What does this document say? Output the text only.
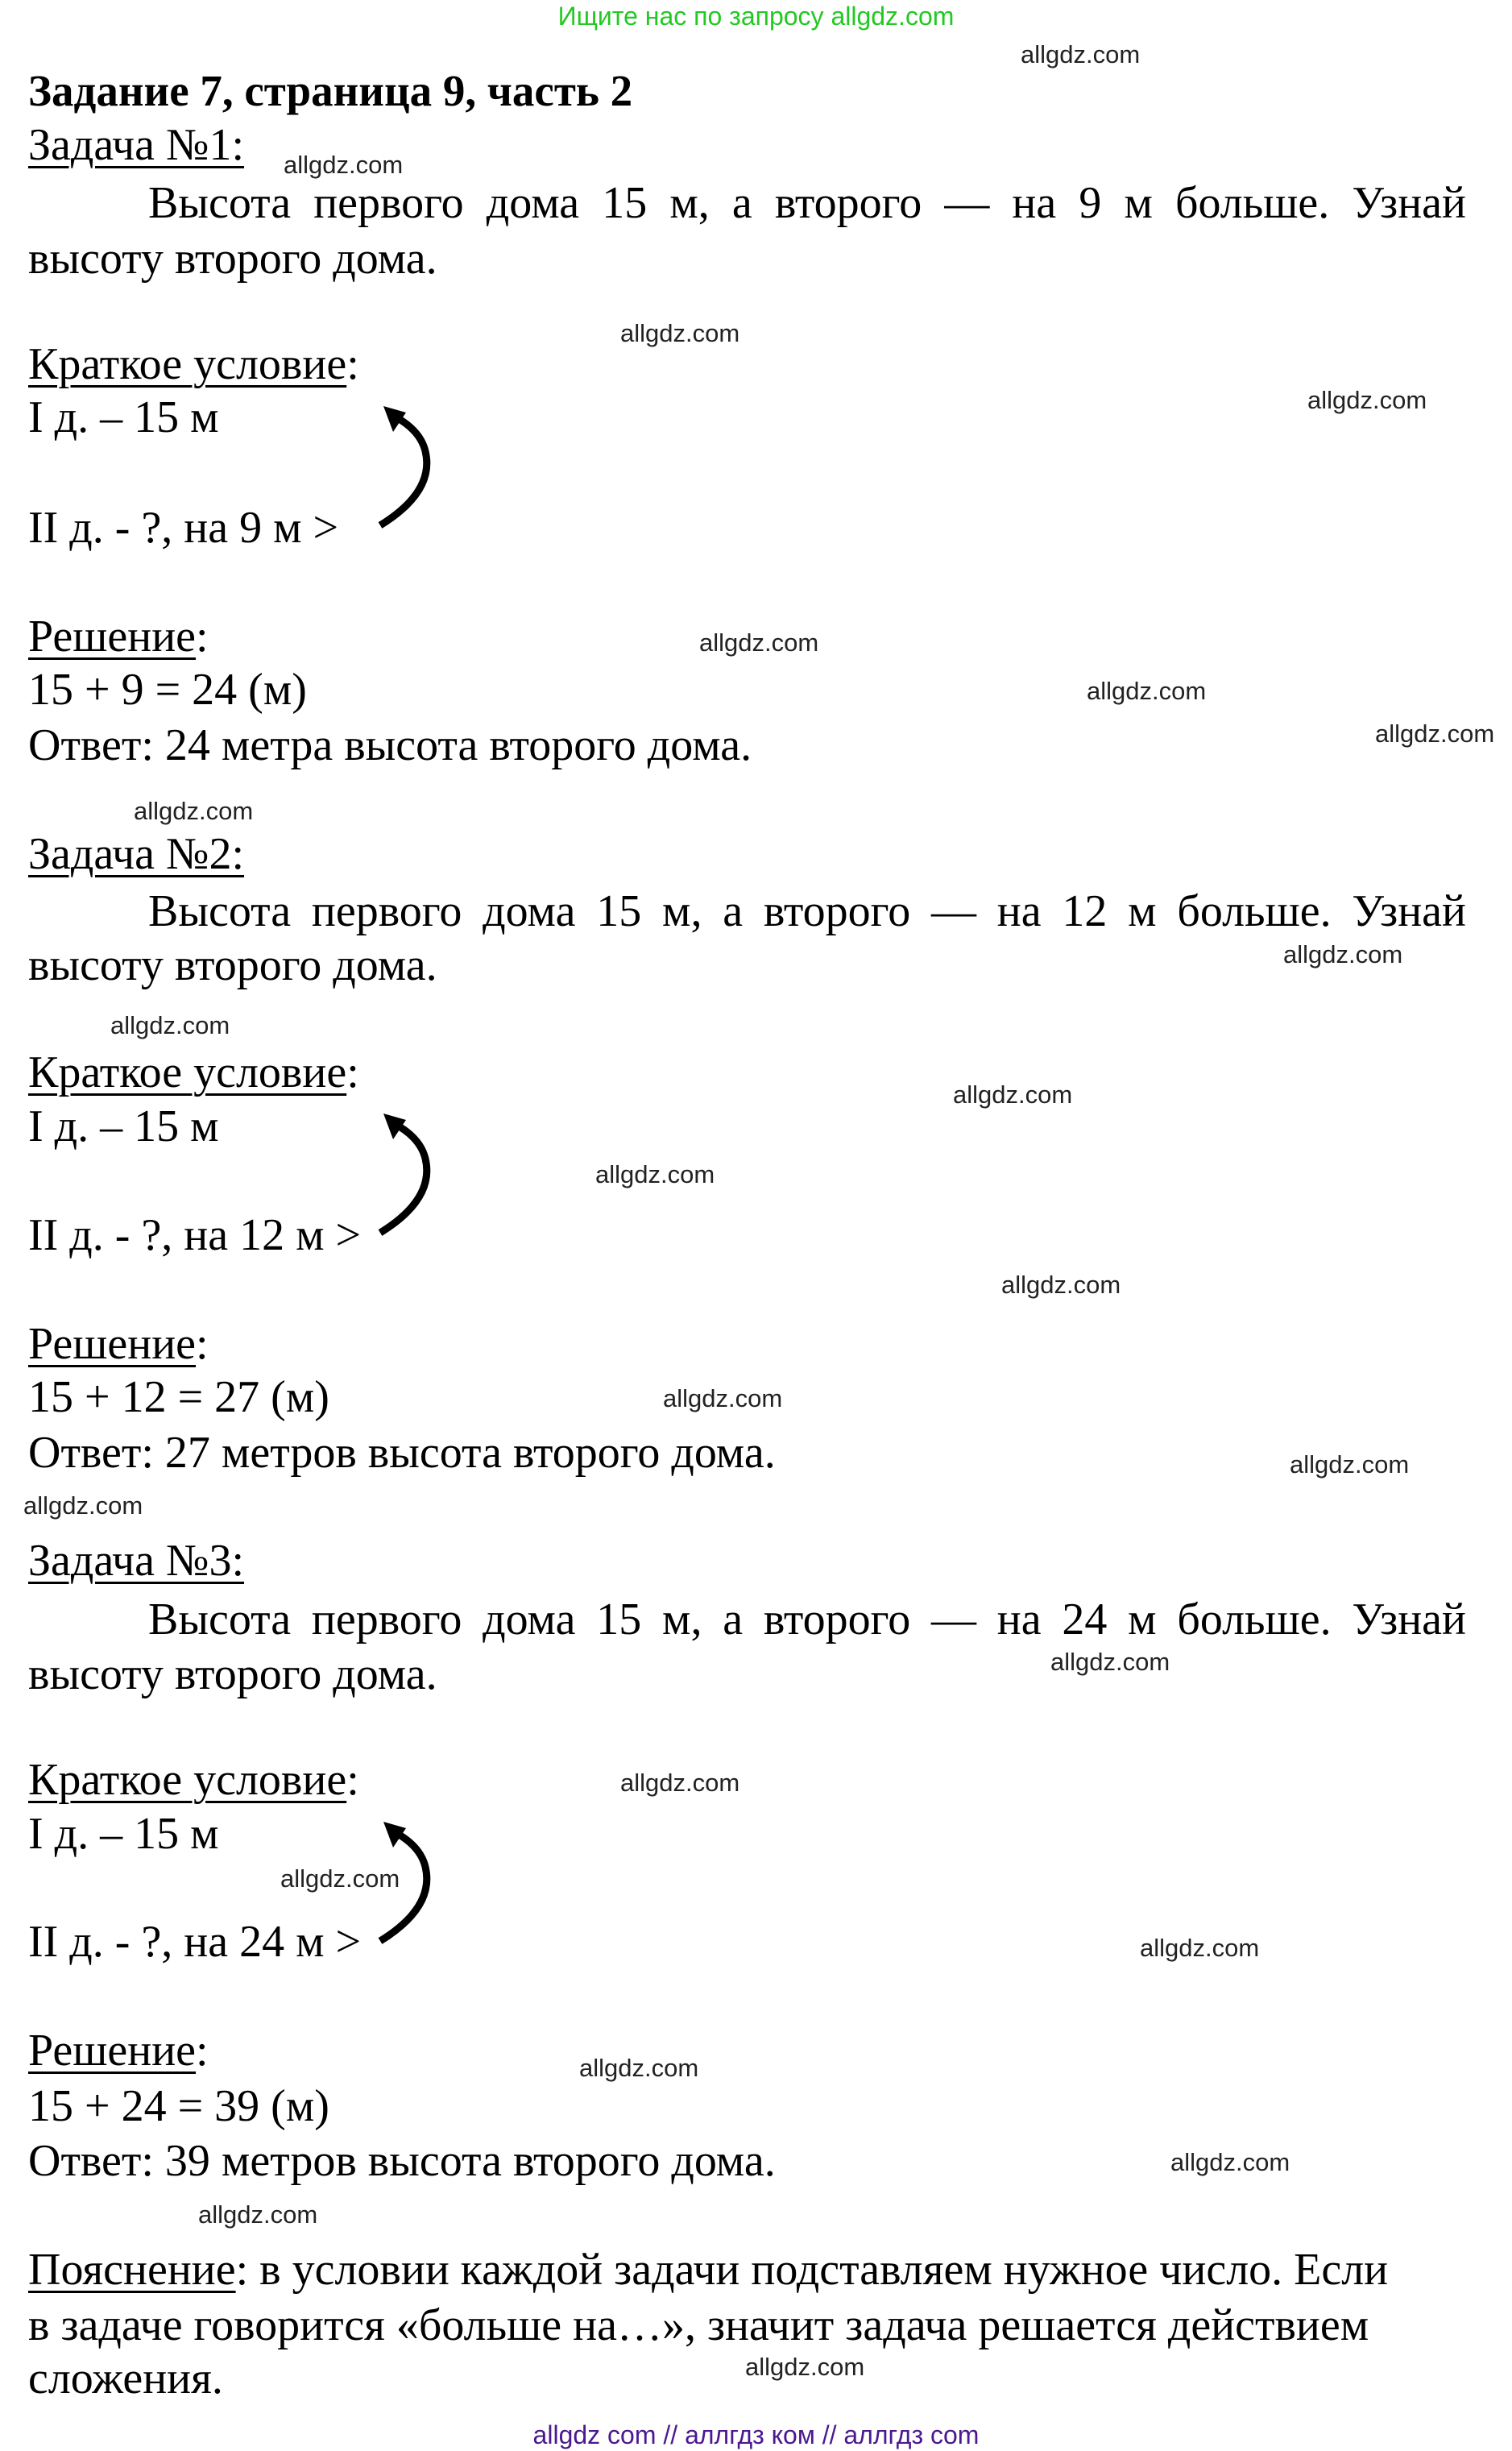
Ищите нас по запросу allgdz.com
Задание 7, страница 9, часть 2
Задача №1:
Высота первого дома 15 м, а второго — на 9 м больше. Узнай высоту второго дома.
Краткое условие:
I д. – 15 м
II д. - ?, на 9 м >
Решение:
15 + 9 = 24 (м)
Ответ: 24 метра высота второго дома.
Задача №2:
Высота первого дома 15 м, а второго — на 12 м больше. Узнай высоту второго дома.
Краткое условие:
I д. – 15 м
II д. - ?, на 12 м >
Решение:
15 + 12 = 27 (м)
Ответ: 27 метров высота второго дома.
Задача №3:
Высота первого дома 15 м, а второго — на 24 м больше. Узнай высоту второго дома.
Краткое условие:
I д. – 15 м
II д. - ?, на 24 м >
Решение:
15 + 24 = 39 (м)
Ответ: 39 метров высота второго дома.
Пояснение: в условии каждой задачи подставляем нужное число. Если
в задаче говорится «больше на…», значит задача решается действием
сложения.
allgdz.com
allgdz.com
allgdz.com
allgdz.com
allgdz.com
allgdz.com
allgdz.com
allgdz.com
allgdz.com
allgdz.com
allgdz.com
allgdz.com
allgdz.com
allgdz.com
allgdz.com
allgdz.com
allgdz.com
allgdz.com
allgdz.com
allgdz.com
allgdz.com
allgdz.com
allgdz.com
allgdz.com
allgdz com // аллгдз ком // аллгдз com
